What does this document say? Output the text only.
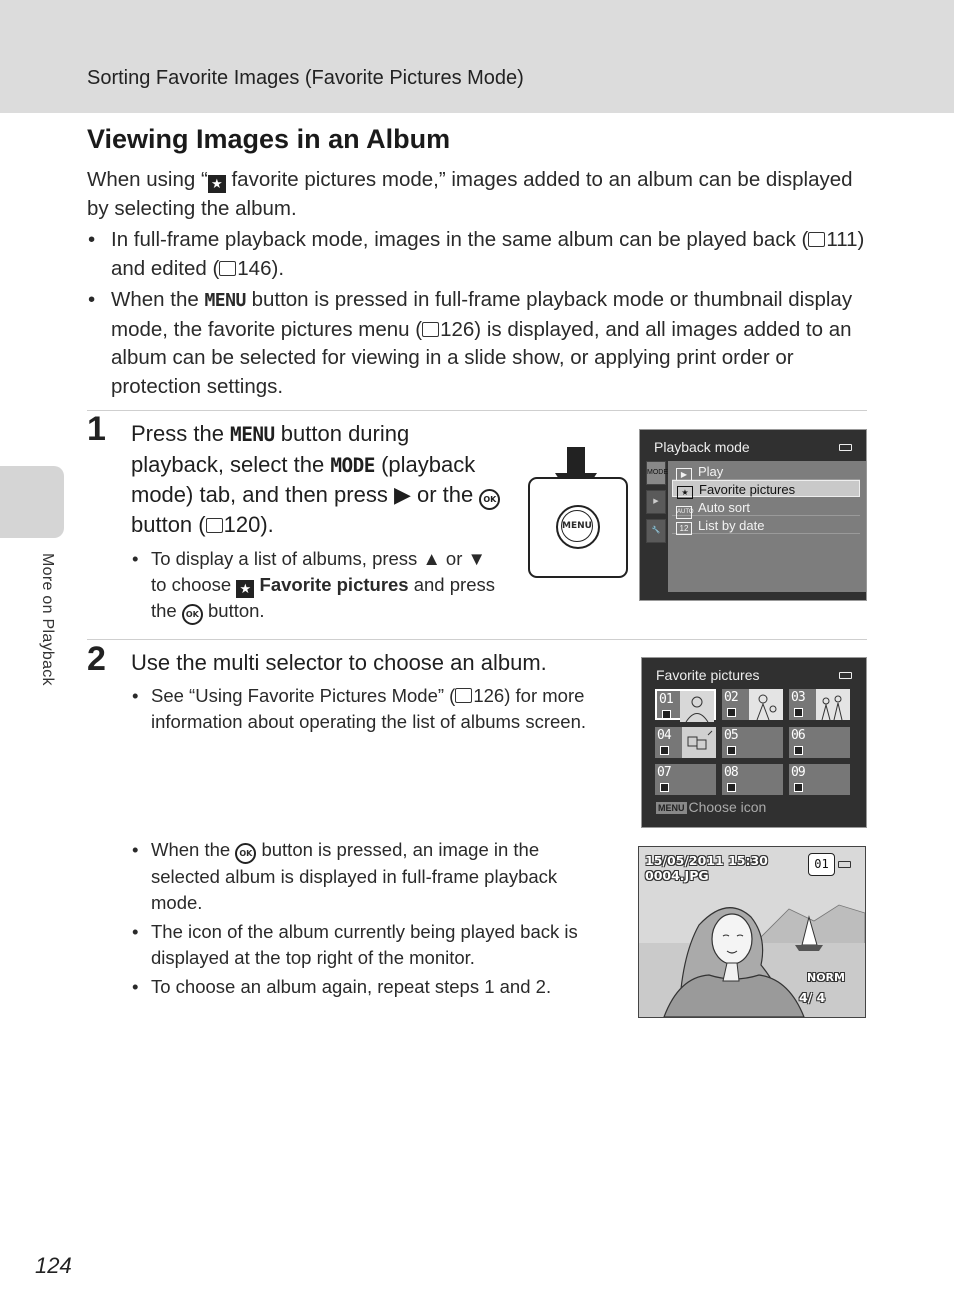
Sorting Favorite Images (Favorite Pictures Mode)
More on Playback
Viewing Images in an Album

When using “ ★ favorite pictures mode,” images added to an album can be displayed by selecting the album.

• In full-frame playback mode, images in the same album can be played back ( 111) and edited ( 146).
• When the MENU button is pressed in full-frame playback mode or thumbnail display mode, the favorite pictures menu ( 126) is displayed, and all images added to an album can be selected for viewing in a slide show, or applying print order or protection settings.
1 Press the MENU button during playback, select the MODE (playback mode) tab, and then press ▶ or the OK button ( 120).

• To display a list of albums, press ▲ or ▼ to choose ★ Favorite pictures and press the OK button.
MENU
Playback mode
MODE
▶
🔧
▶ Play
★ Favorite pictures
AUTO Auto sort
12 List by date
2 Use the multi selector to choose an album.

• See “Using Favorite Pictures Mode” ( 126) for more information about operating the list of albums screen.
Favorite pictures
01	02	03
04	05	06
07	08	09
MENU Choose icon
• When the OK button is pressed, an image in the selected album is displayed in full-frame playback mode.
• The icon of the album currently being played back is displayed at the top right of the monitor.
• To choose an album again, repeat steps 1 and 2.
15/05/2011 15:30
0004.JPG
01
NORM
4/ 4
124
